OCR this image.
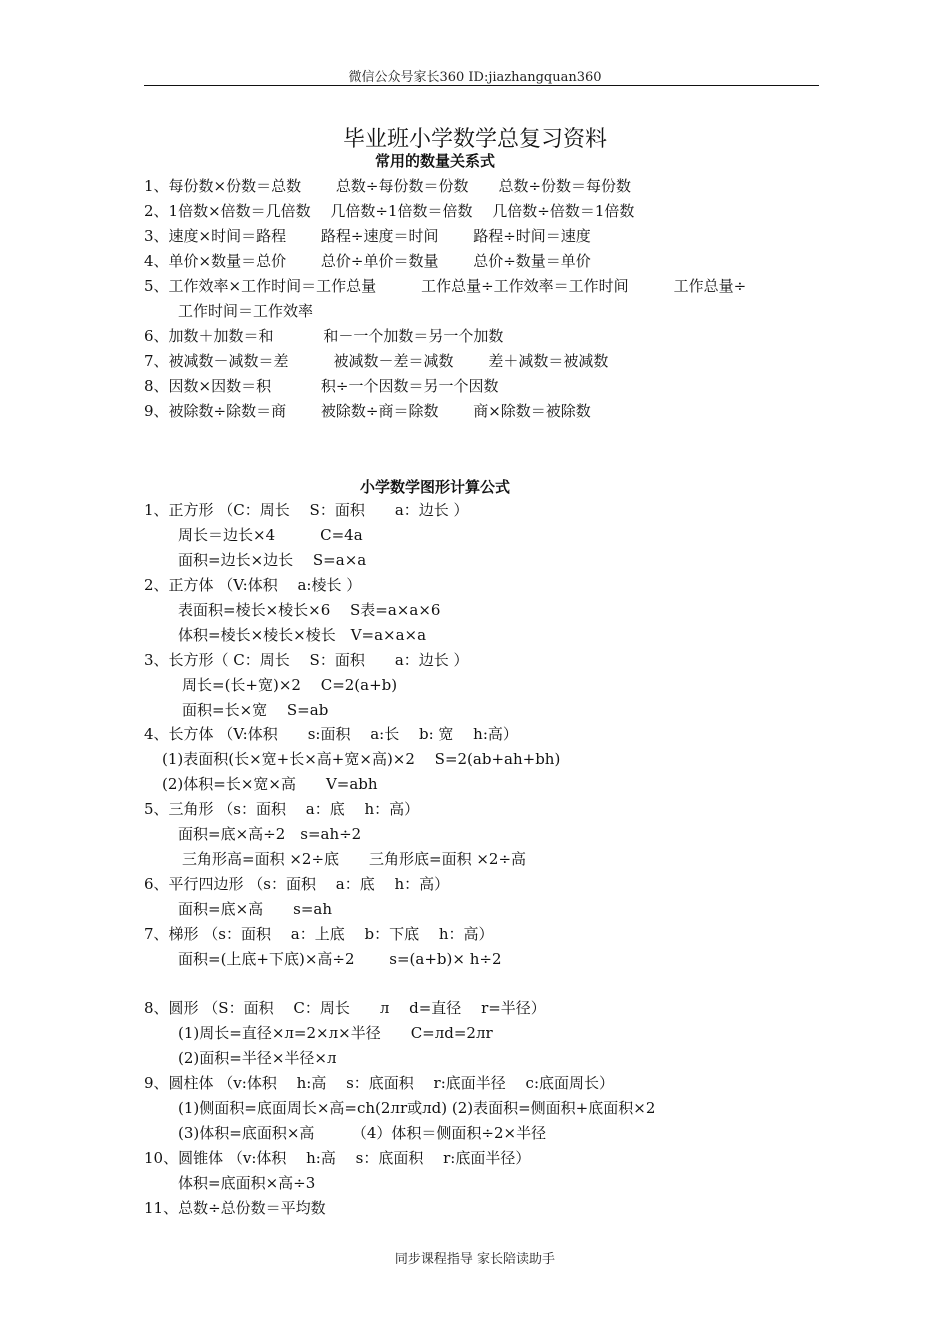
微信公众号家长360 ID:jiazhangquan360
毕业班小学数学总复习资料
常用的数量关系式
1、每份数×份数＝总数　　 总数÷每份数＝份数　　总数÷份数＝每份数
2、1倍数×倍数＝几倍数　 几倍数÷1倍数＝倍数　 几倍数÷倍数＝1倍数
3、速度×时间＝路程　　 路程÷速度＝时间　　 路程÷时间＝速度
4、单价×数量＝总价　　 总价÷单价＝数量　　 总价÷数量＝单价
5、工作效率×工作时间＝工作总量　　　工作总量÷工作效率＝工作时间　　　工作总量÷
工作时间＝工作效率
6、加数＋加数＝和　　　 和－一个加数＝另一个加数
7、被减数－减数＝差　　　被减数－差＝减数　　 差＋减数＝被减数
8、因数×因数＝积　　　 积÷一个因数＝另一个因数
9、被除数÷除数＝商　　 被除数÷商＝除数　　 商×除数＝被除数
小学数学图形计算公式
1、正方形 （C：周长　 S：面积　　a：边长 ）
周长＝边长×4　　　C=4a
面积=边长×边长　 S=a×a
2、正方体 （V:体积　 a:棱长 ）
表面积=棱长×棱长×6　 S表=a×a×6
体积=棱长×棱长×棱长　V=a×a×a
3、长方形（ C：周长　 S：面积　　a：边长 ）
周长=(长+宽)×2　 C=2(a+b)
面积=长×宽　 S=ab
4、长方体 （V:体积　　s:面积　 a:长　 b: 宽　 h:高）
(1)表面积(长×宽+长×高+宽×高)×2　 S=2(ab+ah+bh)
(2)体积=长×宽×高　　V=abh
5、三角形 （s：面积　 a：底　 h：高）
面积=底×高÷2　s=ah÷2
三角形高=面积 ×2÷底　　三角形底=面积 ×2÷高
6、平行四边形 （s：面积　 a：底　 h：高）
面积=底×高　　s=ah
7、梯形 （s：面积　 a：上底　 b：下底　 h：高）
面积=(上底+下底)×高÷2　　 s=(a+b)× h÷2
8、圆形 （S：面积　 C：周长　　л　 d=直径　 r=半径）
(1)周长=直径×л=2×л×半径　　C=лd=2лr
(2)面积=半径×半径×л
9、圆柱体 （v:体积　 h:高　 s：底面积　 r:底面半径　 c:底面周长）
(1)侧面积=底面周长×高=ch(2лr或лd) (2)表面积=侧面积+底面积×2
(3)体积=底面积×高　　　（4）体积＝侧面积÷2×半径
10、圆锥体 （v:体积　 h:高　 s：底面积　 r:底面半径）
体积=底面积×高÷3
11、总数÷总份数＝平均数
同步课程指导 家长陪读助手
